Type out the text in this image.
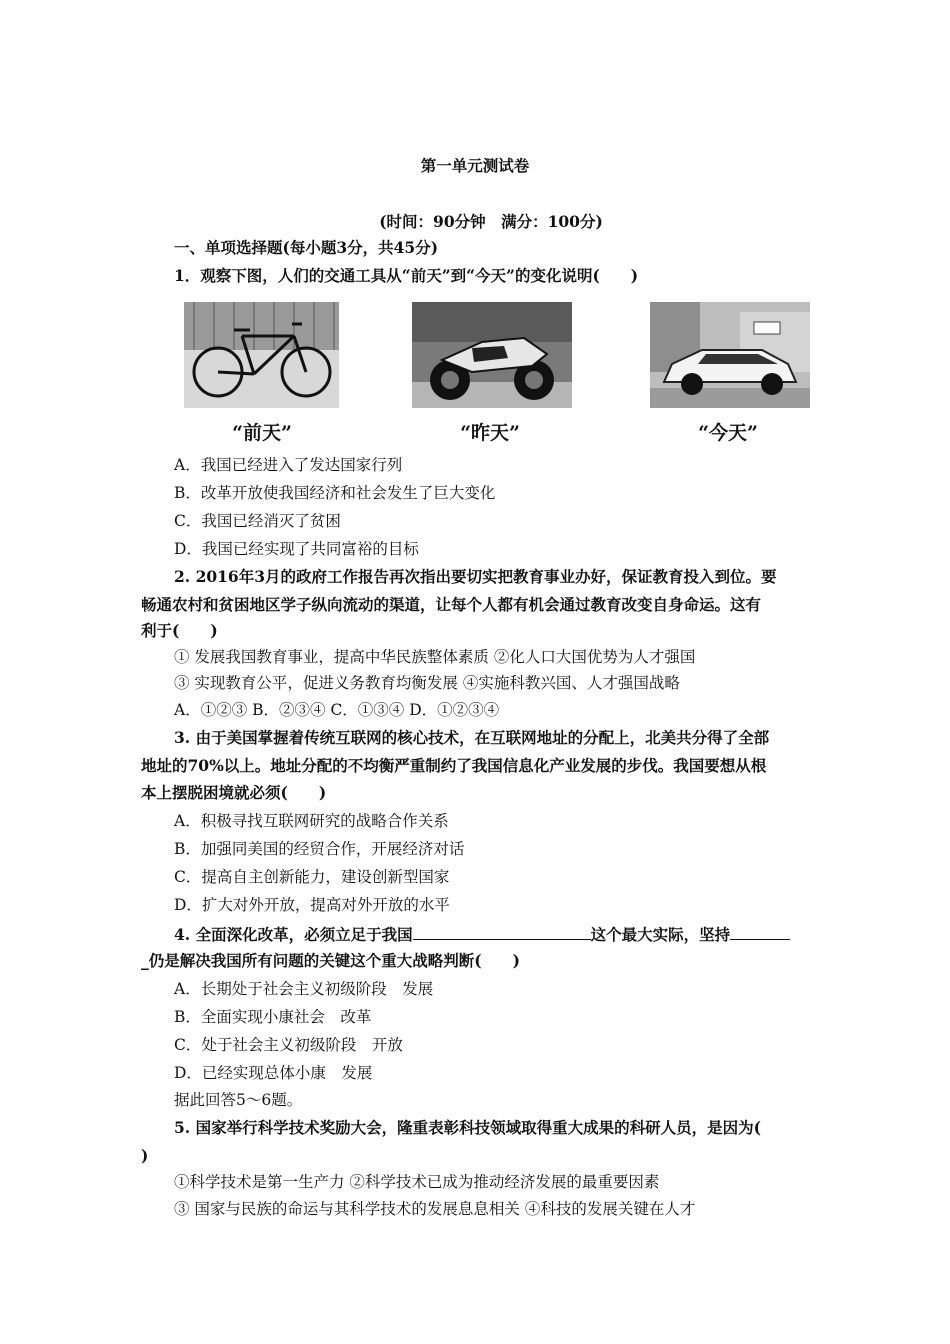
第一单元测试卷
(时间：90分钟　满分：100分)
一、单项选择题(每小题3分，共45分)
1．观察下图，人们的交通工具从“前天”到“今天”的变化说明(　　)
“前天”	“昨天”	“今天”
A．我国已经进入了发达国家行列
B．改革开放使我国经济和社会发生了巨大变化
C．我国已经消灭了贫困
D．我国已经实现了共同富裕的目标
2. 2016年3月的政府工作报告再次指出要切实把教育事业办好，保证教育投入到位。要
畅通农村和贫困地区学子纵向流动的渠道，让每个人都有机会通过教育改变自身命运。这有
利于(　　)
① 发展我国教育事业，提高中华民族整体素质 ②化人口大国优势为人才强国
③ 实现教育公平，促进义务教育均衡发展 ④实施科教兴国、人才强国战略
A．①②③ B．②③④ C．①③④ D．①②③④
3. 由于美国掌握着传统互联网的核心技术，在互联网地址的分配上，北美共分得了全部
地址的70%以上。地址分配的不均衡严重制约了我国信息化产业发展的步伐。我国要想从根
本上摆脱困境就必须(　　)
A．积极寻找互联网研究的战略合作关系
B．加强同美国的经贸合作，开展经济对话
C．提高自主创新能力，建设创新型国家
D．扩大对外开放，提高对外开放的水平
4. 全面深化改革，必须立足于我国	这个最大实际，坚持
_仍是解决我国所有问题的关键这个重大战略判断(　　)
A．长期处于社会主义初级阶段　发展
B．全面实现小康社会　改革
C．处于社会主义初级阶段　开放
D．已经实现总体小康　发展
据此回答5～6题。
5. 国家举行科学技术奖励大会，隆重表彰科技领域取得重大成果的科研人员，是因为(
)
①科学技术是第一生产力 ②科学技术已成为推动经济发展的最重要因素
③ 国家与民族的命运与其科学技术的发展息息相关 ④科技的发展关键在人才
